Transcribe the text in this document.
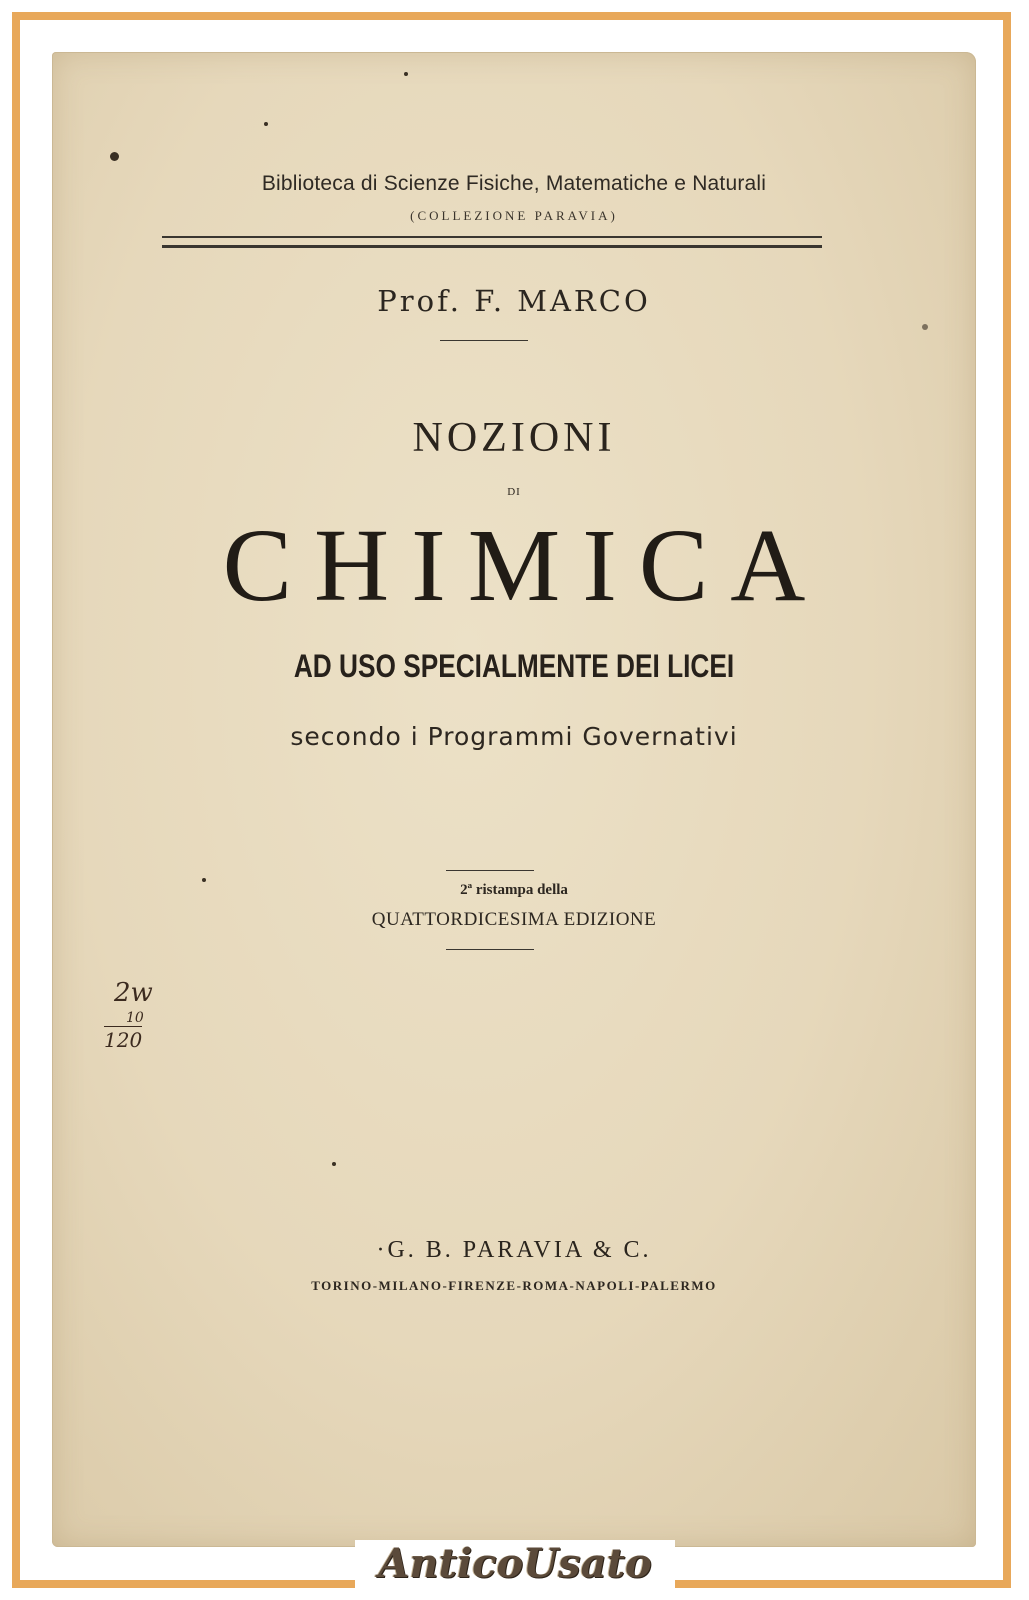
Biblioteca di Scienze Fisiche, Matematiche e Naturali
(COLLEZIONE PARAVIA)
Prof. F. MARCO
NOZIONI
DI
CHIMICA
AD USO SPECIALMENTE DEI LICEI
secondo i Programmi Governativi
2ª ristampa della
QUATTORDICESIMA EDIZIONE
2w
10
120
·G. B. PARAVIA & C.
TORINO-MILANO-FIRENZE-ROMA-NAPOLI-PALERMO
AnticoUsato
